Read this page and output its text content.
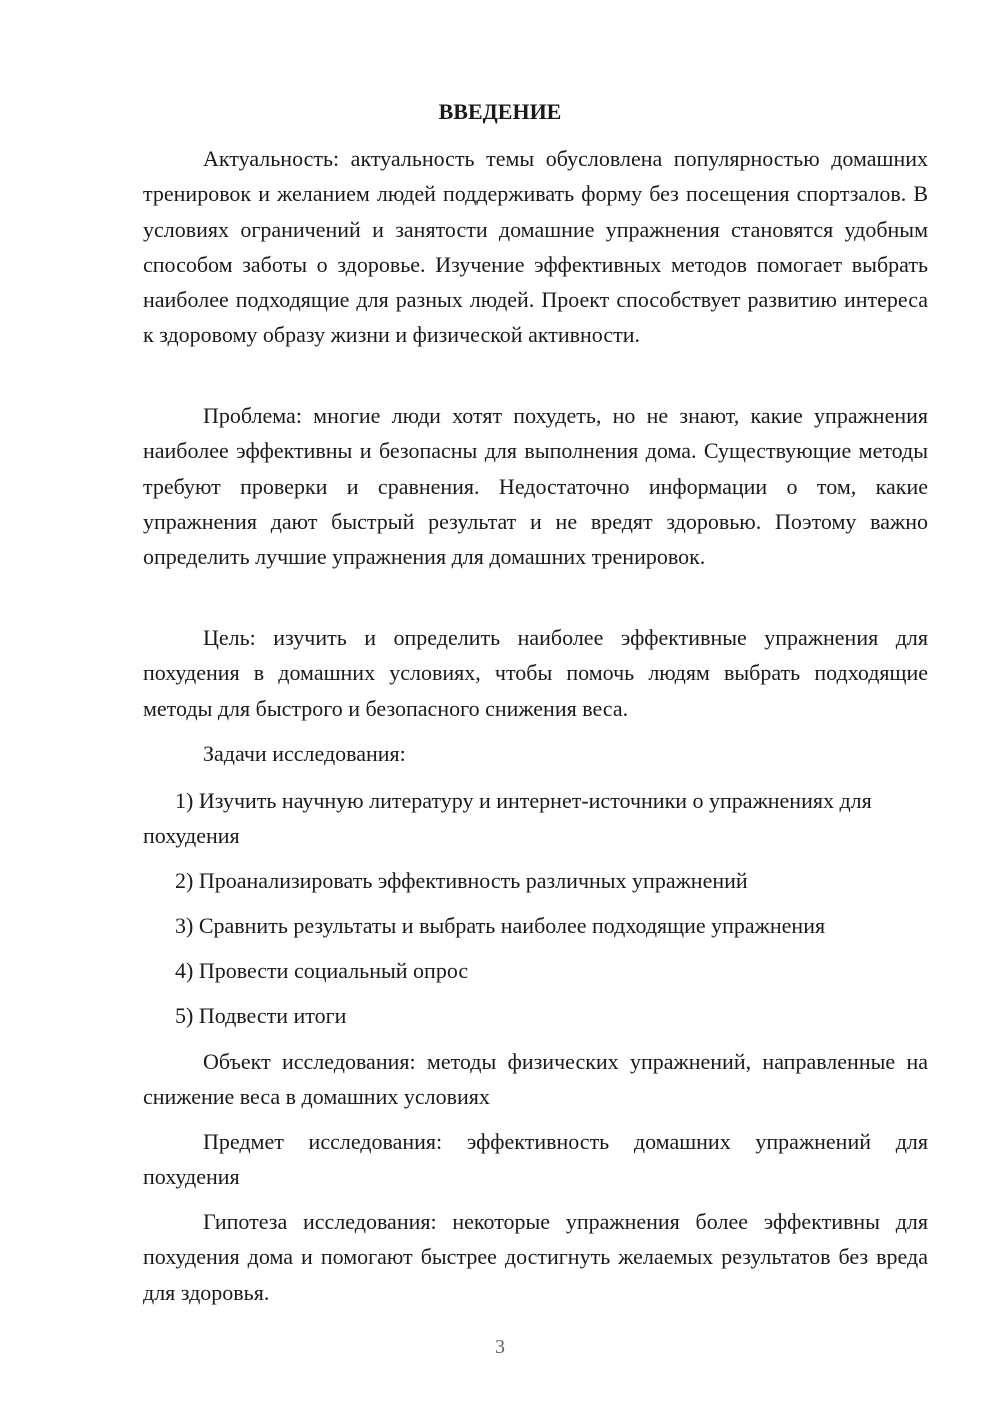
ВВЕДЕНИЕ

Актуальность: актуальность темы обусловлена популярностью домашних тренировок и желанием людей поддерживать форму без посещения спортзалов. В условиях ограничений и занятости домашние упражнения становятся удобным способом заботы о здоровье. Изучение эффективных методов помогает выбрать наиболее подходящие для разных людей. Проект способствует развитию интереса к здоровому образу жизни и физической активности.

Проблема: многие люди хотят похудеть, но не знают, какие упражнения наиболее эффективны и безопасны для выполнения дома. Существующие методы требуют проверки и сравнения. Недостаточно информации о том, какие упражнения дают быстрый результат и не вредят здоровью. Поэтому важно определить лучшие упражнения для домашних тренировок.

Цель: изучить и определить наиболее эффективные упражнения для похудения в домашних условиях, чтобы помочь людям выбрать подходящие методы для быстрого и безопасного снижения веса.

Задачи исследования:

1) Изучить научную литературу и интернет-источники о упражнениях для похудения

2) Проанализировать эффективность различных упражнений

3) Сравнить результаты и выбрать наиболее подходящие упражнения

4) Провести социальный опрос

5) Подвести итоги

Объект исследования: методы физических упражнений, направленные на снижение веса в домашних условиях

Предмет исследования: эффективность домашних упражнений для похудения

Гипотеза исследования: некоторые упражнения более эффективны для похудения дома и помогают быстрее достигнуть желаемых результатов без вреда для здоровья.

3
